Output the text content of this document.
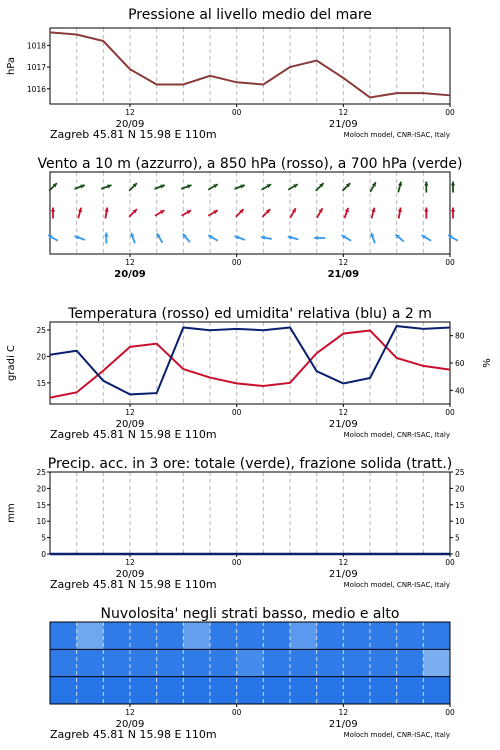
Pressione al livello medio del mare
12	00	12	00
20/09	21/09
Zagreb 45.81 N 15.98 E 110m	Moloch model, CNR-ISAC, Italy
1018
1017
1016
hPa
Vento a 10 m (azzurro), a 850 hPa (rosso), a 700 hPa (verde)
12	00	12	00
20/09	21/09
Temperatura (rosso) ed umidita' relativa (blu) a 2 m
12	00	12	00
20/09	21/09
Zagreb 45.81 N 15.98 E 110m	Moloch model, CNR-ISAC, Italy
25
20
15
80
60
40
gradi C	%
Precip. acc. in 3 ore: totale (verde), frazione solida (tratt.)
12	00	12	00
20/09	21/09
Zagreb 45.81 N 15.98 E 110m	Moloch model, CNR-ISAC, Italy
25
20
15
10
5
0
25
20
15
10
5
0
mm
Nuvolosita' negli strati basso, medio e alto
12	00	12	00
20/09	21/09
Zagreb 45.81 N 15.98 E 110m	Moloch model, CNR-ISAC, Italy
